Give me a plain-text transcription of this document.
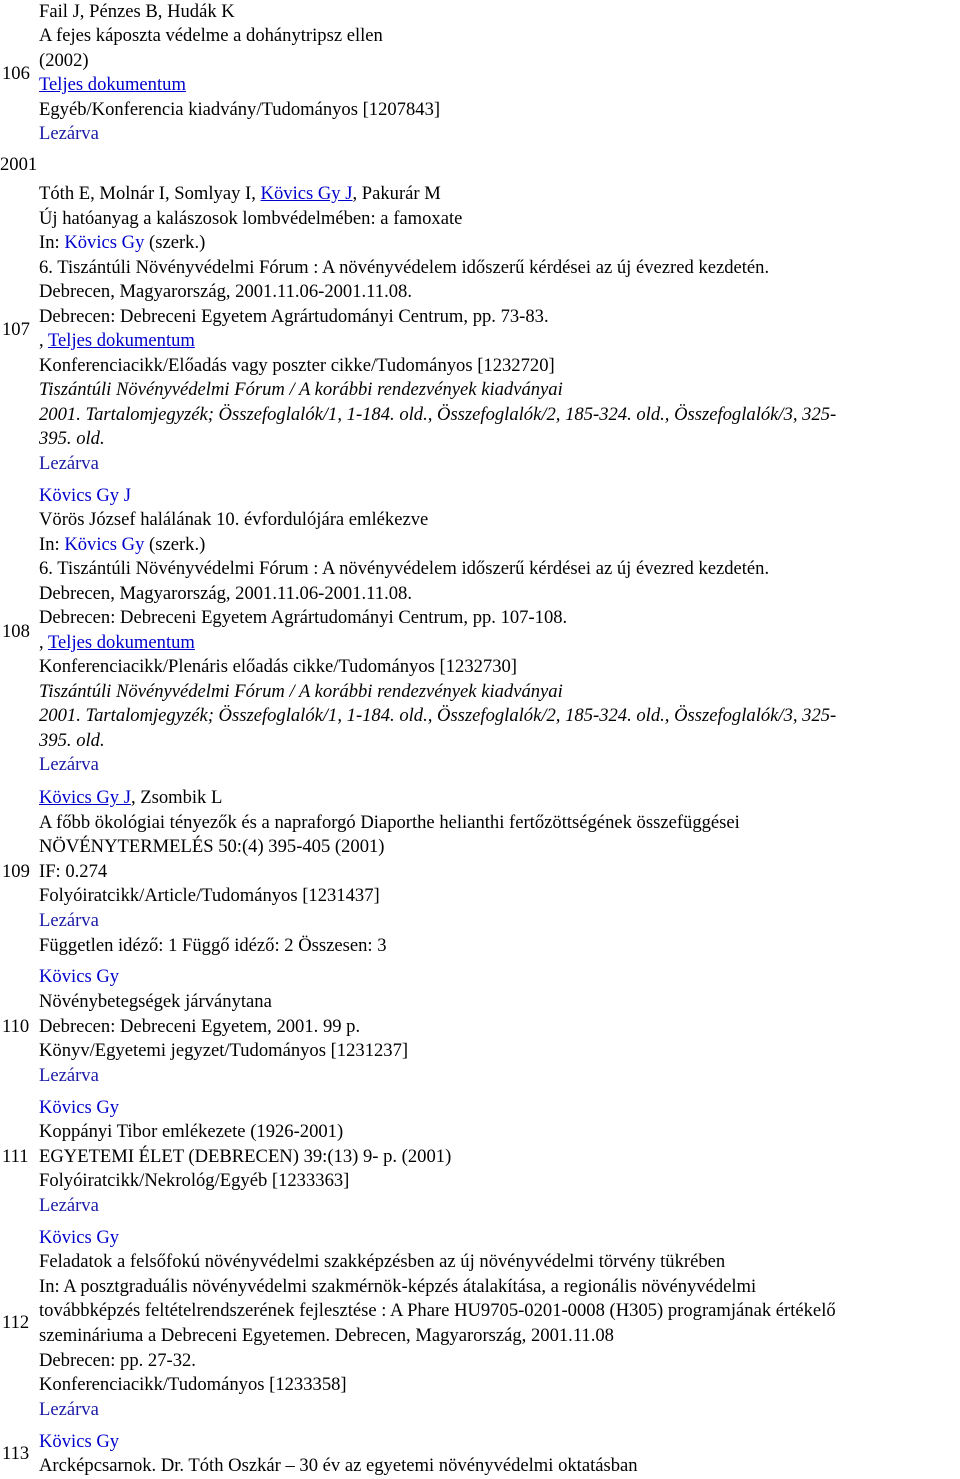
106
Fail J, Pénzes B, Hudák K
A fejes káposzta védelme a dohánytripsz ellen
(2002)
Teljes dokumentum
Egyéb/Konferencia kiadvány/Tudományos [1207843]
Lezárva
2001
107
Tóth E, Molnár I, Somlyay I, Kövics Gy J, Pakurár M
Új hatóanyag a kalászosok lombvédelmében: a famoxate
In: Kövics Gy (szerk.)
6. Tiszántúli Növényvédelmi Fórum : A növényvédelem időszerű kérdései az új évezred kezdetén.
Debrecen, Magyarország, 2001.11.06-2001.11.08.
Debrecen: Debreceni Egyetem Agrártudományi Centrum, pp. 73-83.
, Teljes dokumentum
Konferenciacikk/Előadás vagy poszter cikke/Tudományos [1232720]
Tiszántúli Növényvédelmi Fórum / A korábbi rendezvények kiadványai
2001. Tartalomjegyzék; Összefoglalók/1, 1-184. old., Összefoglalók/2, 185-324. old., Összefoglalók/3, 325-
395. old.
Lezárva
108
Kövics Gy J
Vörös József halálának 10. évfordulójára emlékezve
In: Kövics Gy (szerk.)
6. Tiszántúli Növényvédelmi Fórum : A növényvédelem időszerű kérdései az új évezred kezdetén.
Debrecen, Magyarország, 2001.11.06-2001.11.08.
Debrecen: Debreceni Egyetem Agrártudományi Centrum, pp. 107-108.
, Teljes dokumentum
Konferenciacikk/Plenáris előadás cikke/Tudományos [1232730]
Tiszántúli Növényvédelmi Fórum / A korábbi rendezvények kiadványai
2001. Tartalomjegyzék; Összefoglalók/1, 1-184. old., Összefoglalók/2, 185-324. old., Összefoglalók/3, 325-
395. old.
Lezárva
109
Kövics Gy J, Zsombik L
A főbb ökológiai tényezők és a napraforgó Diaporthe helianthi fertőzöttségének összefüggései
NÖVÉNYTERMELÉS 50:(4) 395-405 (2001)
IF: 0.274
Folyóiratcikk/Article/Tudományos [1231437]
Lezárva
Független idéző: 1 Függő idéző: 2 Összesen: 3
110
Kövics Gy
Növénybetegségek járványtana
Debrecen: Debreceni Egyetem, 2001. 99 p.
Könyv/Egyetemi jegyzet/Tudományos [1231237]
Lezárva
111
Kövics Gy
Koppányi Tibor emlékezete (1926-2001)
EGYETEMI ÉLET (DEBRECEN) 39:(13) 9- p. (2001)
Folyóiratcikk/Nekrológ/Egyéb [1233363]
Lezárva
112
Kövics Gy
Feladatok a felsőfokú növényvédelmi szakképzésben az új növényvédelmi törvény tükrében
In: A posztgraduális növényvédelmi szakmérnök-képzés átalakítása, a regionális növényvédelmi
továbbképzés feltételrendszerének fejlesztése : A Phare HU9705-0201-0008 (H305) programjának értékelő
szemináriuma a Debreceni Egyetemen. Debrecen, Magyarország, 2001.11.08
Debrecen: pp. 27-32.
Konferenciacikk/Tudományos [1233358]
Lezárva
113
Kövics Gy
Arcképcsarnok. Dr. Tóth Oszkár – 30 év az egyetemi növényvédelmi oktatásban
